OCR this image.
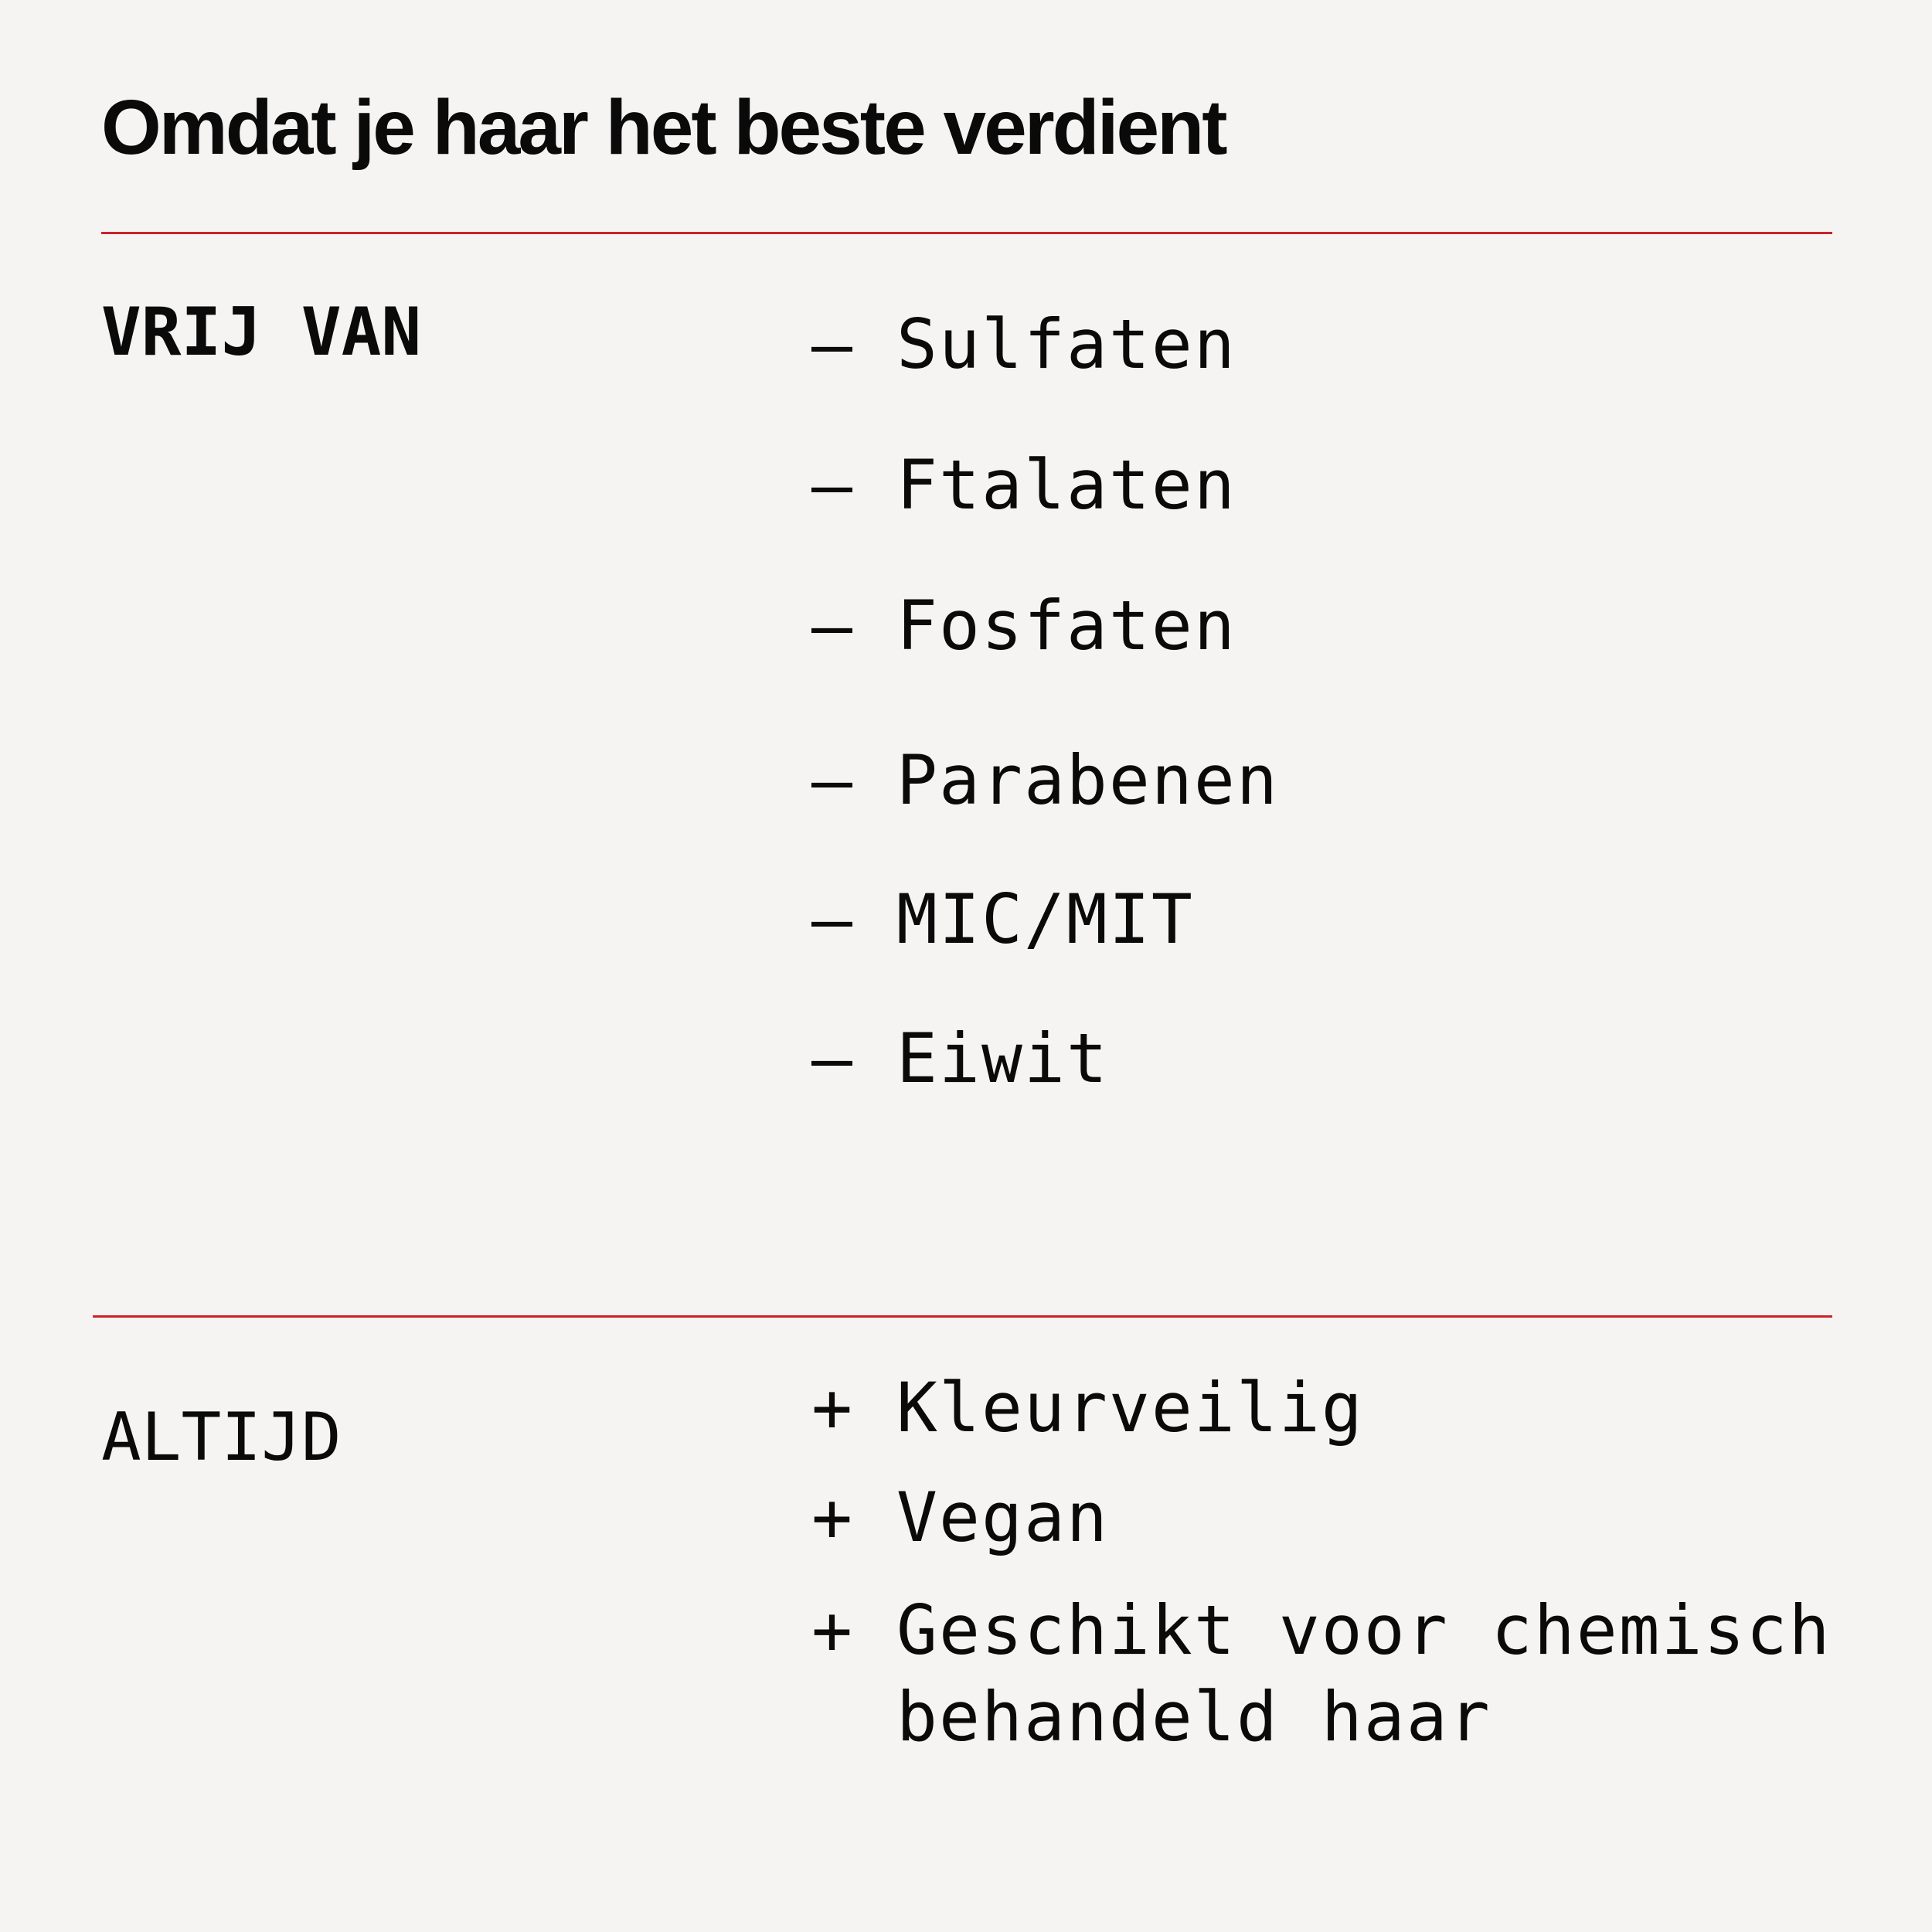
Omdat je haar het beste verdient
VRIJ VAN	— Sulfaten
— Ftalaten
— Fosfaten
— Parabenen
— MIC/MIT
— Eiwit
ALTIJD	+ Kleurveilig
+ Vegan
+ Geschikt voor chemisch
behandeld haar
